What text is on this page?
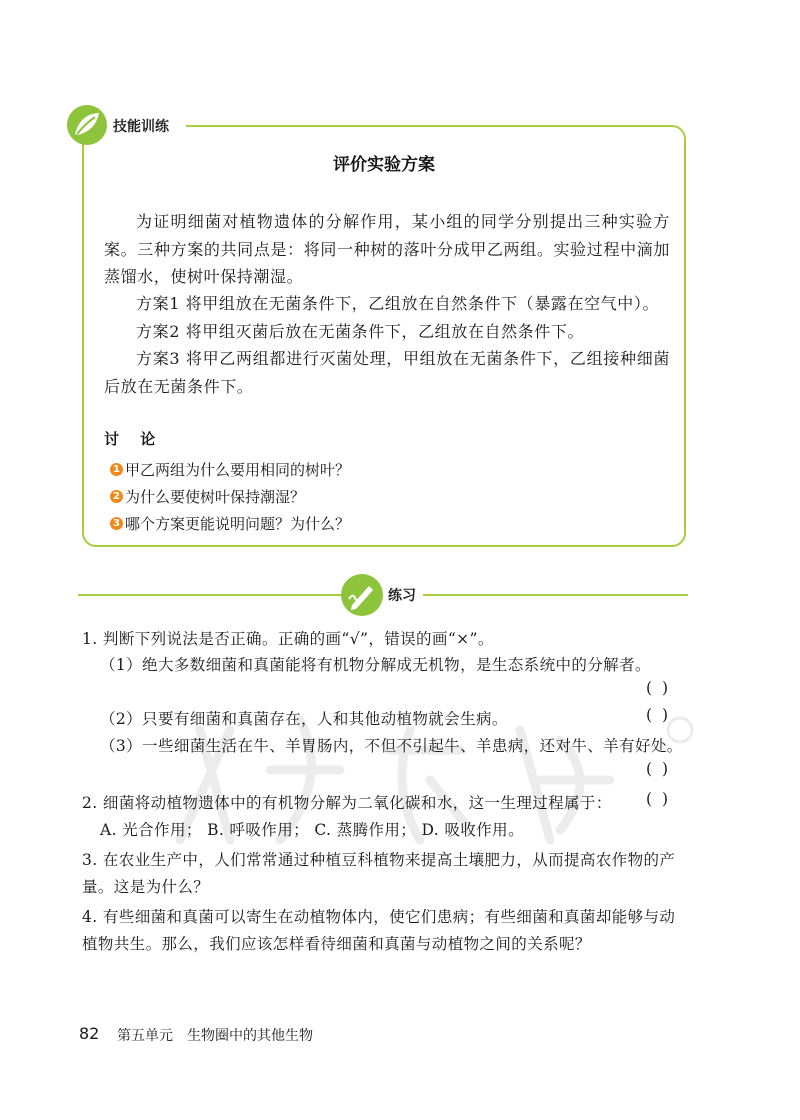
技能训练
评价实验方案
为证明细菌对植物遗体的分解作用，某小组的同学分别提出三种实验方案。三种方案的共同点是：将同一种树的落叶分成甲乙两组。实验过程中滴加蒸馏水，使树叶保持潮湿。
方案1 将甲组放在无菌条件下，乙组放在自然条件下（暴露在空气中）。
方案2 将甲组灭菌后放在无菌条件下，乙组放在自然条件下。
方案3 将甲乙两组都进行灭菌处理，甲组放在无菌条件下，乙组接种细菌后放在无菌条件下。
讨 论
1 甲乙两组为什么要用相同的树叶？
2 为什么要使树叶保持潮湿？
3 哪个方案更能说明问题？为什么？
练习
1. 判断下列说法是否正确。正确的画“√”，错误的画“×”。
（1）绝大多数细菌和真菌能将有机物分解成无机物，是生态系统中的分解者。
()
（2）只要有细菌和真菌存在，人和其他动植物就会生病。	()
（3）一些细菌生活在牛、羊胃肠内，不但不引起牛、羊患病，还对牛、羊有好处。
()
2. 细菌将动植物遗体中的有机物分解为二氧化碳和水，这一生理过程属于：	()
A. 光合作用； B. 呼吸作用； C. 蒸腾作用； D. 吸收作用。
3. 在农业生产中，人们常常通过种植豆科植物来提高土壤肥力，从而提高农作物的产量。这是为什么？
4. 有些细菌和真菌可以寄生在动植物体内，使它们患病；有些细菌和真菌却能够与动植物共生。那么，我们应该怎样看待细菌和真菌与动植物之间的关系呢？
82 第五单元　生物圈中的其他生物
